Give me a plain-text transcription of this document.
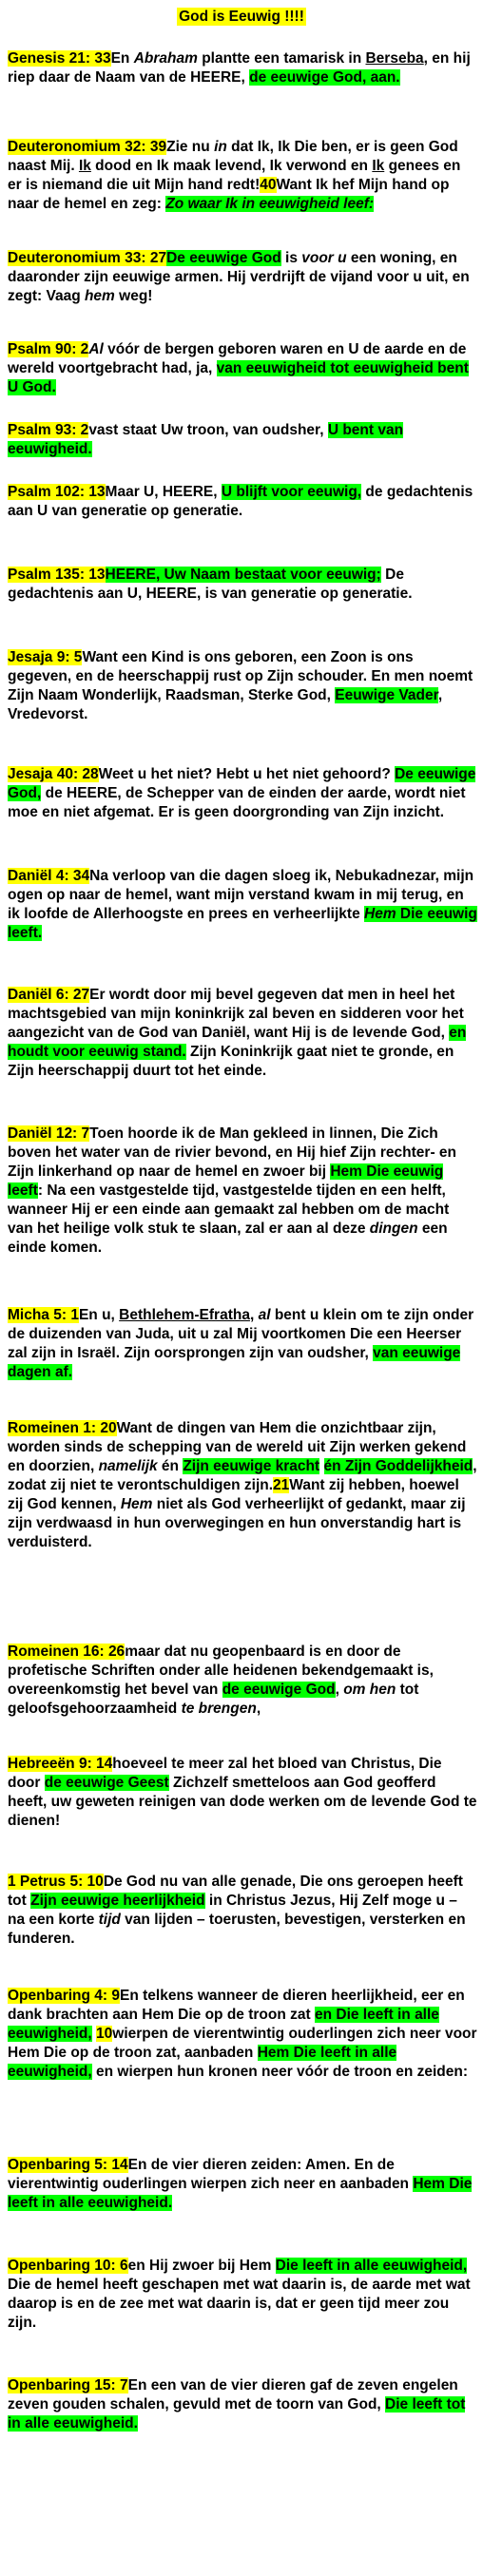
God is Eeuwig !!!!
Genesis 21: 33En Abraham plantte een tamarisk in Berseba, en hij riep daar de Naam van de HEERE, de eeuwige God, aan.
Deuteronomium 32: 39Zie nu in dat Ik, Ik Die ben, er is geen God naast Mij. Ik dood en Ik maak levend, Ik verwond en Ik genees en er is niemand die uit Mijn hand redt!40Want Ik hef Mijn hand op naar de hemel en zeg: Zo waar Ik in eeuwigheid leef:
Deuteronomium 33: 27De eeuwige God is voor u een woning, en daaronder zijn eeuwige armen. Hij verdrijft de vijand voor u uit, en zegt: Vaag hem weg!
Psalm 90: 2Al vóór de bergen geboren waren en U de aarde en de wereld voortgebracht had, ja, van eeuwigheid tot eeuwigheid bent U God.
Psalm 93: 2vast staat Uw troon, van oudsher, U bent van eeuwigheid.
Psalm 102: 13Maar U, HEERE, U blijft voor eeuwig, de gedachtenis aan U van generatie op generatie.
Psalm 135: 13HEERE, Uw Naam bestaat voor eeuwig; De gedachtenis aan U, HEERE, is van generatie op generatie.
Jesaja 9: 5Want een Kind is ons geboren, een Zoon is ons gegeven, en de heerschappij rust op Zijn schouder. En men noemt Zijn Naam Wonderlijk, Raadsman, Sterke God, Eeuwige Vader, Vredevorst.
Jesaja 40: 28Weet u het niet? Hebt u het niet gehoord? De eeuwige God, de HEERE, de Schepper van de einden der aarde, wordt niet moe en niet afgemat. Er is geen doorgronding van Zijn inzicht.
Daniël 4: 34Na verloop van die dagen sloeg ik, Nebukadnezar, mijn ogen op naar de hemel, want mijn verstand kwam in mij terug, en ik loofde de Allerhoogste en prees en verheerlijkte Hem Die eeuwig leeft.
Daniël 6: 27Er wordt door mij bevel gegeven dat men in heel het machtsgebied van mijn koninkrijk zal beven en sidderen voor het aangezicht van de God van Daniël, want Hij is de levende God, en houdt voor eeuwig stand. Zijn Koninkrijk gaat niet te gronde, en Zijn heerschappij duurt tot het einde.
Daniël 12: 7Toen hoorde ik de Man gekleed in linnen, Die Zich boven het water van de rivier bevond, en Hij hief Zijn rechter- en Zijn linkerhand op naar de hemel en zwoer bij Hem Die eeuwig leeft: Na een vastgestelde tijd, vastgestelde tijden en een helft, wanneer Hij er een einde aan gemaakt zal hebben om de macht van het heilige volk stuk te slaan, zal er aan al deze dingen een einde komen.
Micha 5: 1En u, Bethlehem-Efratha, al bent u klein om te zijn onder de duizenden van Juda, uit u zal Mij voortkomen Die een Heerser zal zijn in Israël. Zijn oorsprongen zijn van oudsher, van eeuwige dagen af.
Romeinen 1: 20Want de dingen van Hem die onzichtbaar zijn, worden sinds de schepping van de wereld uit Zijn werken gekend en doorzien, namelijk én Zijn eeuwige kracht én Zijn Goddelijkheid, zodat zij niet te verontschuldigen zijn.21Want zij hebben, hoewel zij God kennen, Hem niet als God verheerlijkt of gedankt, maar zij zijn verdwaasd in hun overwegingen en hun onverstandig hart is verduisterd.
Romeinen 16: 26maar dat nu geopenbaard is en door de profetische Schriften onder alle heidenen bekendgemaakt is, overeenkomstig het bevel van de eeuwige God, om hen tot geloofsgehoorzaamheid te brengen,
Hebreeën 9: 14hoeveel te meer zal het bloed van Christus, Die door de eeuwige Geest Zichzelf smetteloos aan God geofferd heeft, uw geweten reinigen van dode werken om de levende God te dienen!
1 Petrus 5: 10De God nu van alle genade, Die ons geroepen heeft tot Zijn eeuwige heerlijkheid in Christus Jezus, Hij Zelf moge u – na een korte tijd van lijden – toerusten, bevestigen, versterken en funderen.
Openbaring 4: 9En telkens wanneer de dieren heerlijkheid, eer en dank brachten aan Hem Die op de troon zat en Die leeft in alle eeuwigheid, 10wierpen de vierentwintig ouderlingen zich neer voor Hem Die op de troon zat, aanbaden Hem Die leeft in alle eeuwigheid, en wierpen hun kronen neer vóór de troon en zeiden:
Openbaring 5: 14En de vier dieren zeiden: Amen. En de vierentwintig ouderlingen wierpen zich neer en aanbaden Hem Die leeft in alle eeuwigheid.
Openbaring 10: 6en Hij zwoer bij Hem Die leeft in alle eeuwigheid, Die de hemel heeft geschapen met wat daarin is, de aarde met wat daarop is en de zee met wat daarin is, dat er geen tijd meer zou zijn.
Openbaring 15: 7En een van de vier dieren gaf de zeven engelen zeven gouden schalen, gevuld met de toorn van God, Die leeft tot in alle eeuwigheid.
